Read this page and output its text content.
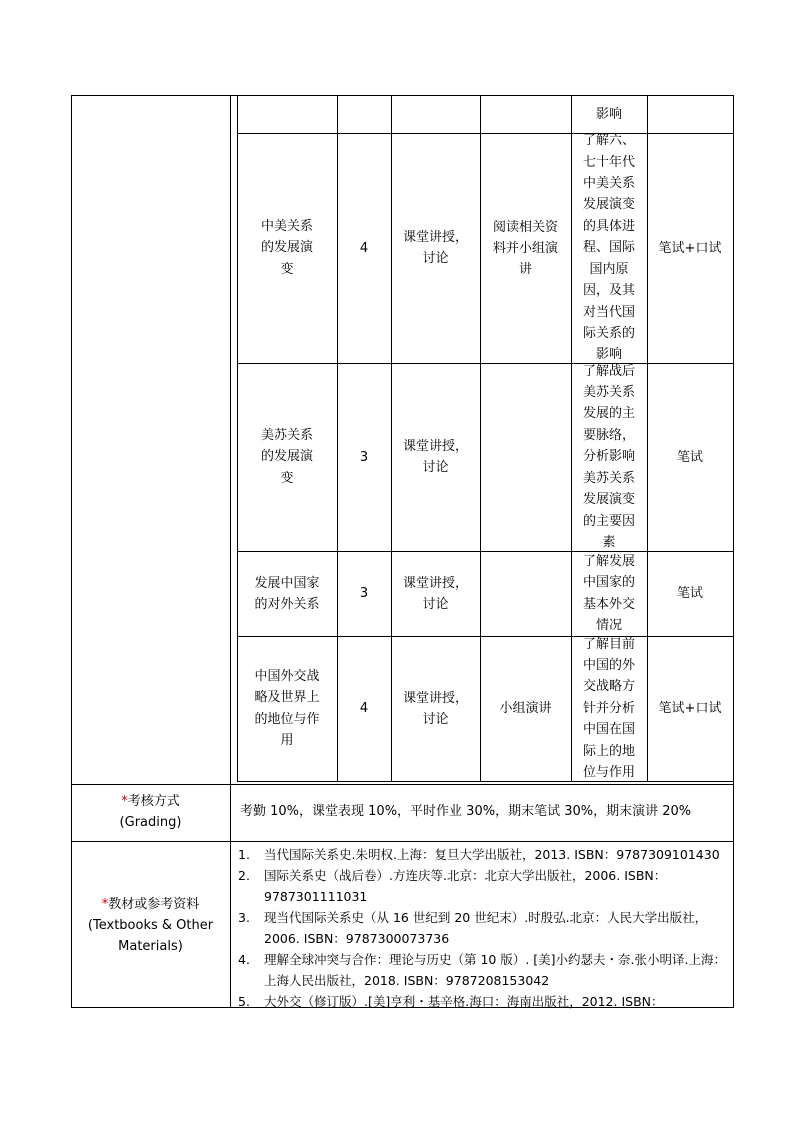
影响
中美关系的发展演变
4
课堂讲授，讨论
阅读相关资料并小组演讲
了解六、七十年代中美关系发展演变的具体进程、国际国内原因，及其对当代国际关系的影响
笔试+口试
美苏关系的发展演变
3
课堂讲授，讨论
了解战后美苏关系发展的主要脉络，分析影响美苏关系发展演变的主要因素
笔试
发展中国家的对外关系
3
课堂讲授，讨论
了解发展中国家的基本外交情况
笔试
中国外交战略及世界上的地位与作用
4
课堂讲授，讨论
小组演讲
了解目前中国的外交战略方针并分析中国在国际上的地位与作用
笔试+口试
*考核方式
(Grading)
考勤 10%，课堂表现 10%，平时作业 30%，期末笔试 30%，期末演讲 20%
*教材或参考资料
(Textbooks & Other
Materials)
1. 当代国际关系史.朱明权.上海：复旦大学出版社，2013. ISBN：9787309101430
2. 国际关系史（战后卷）.方连庆等.北京：北京大学出版社，2006. ISBN：9787301111031
3. 现当代国际关系史（从 16 世纪到 20 世纪末）.时殷弘.北京：人民大学出版社，2006. ISBN：9787300073736
4. 理解全球冲突与合作：理论与历史（第 10 版）. [美]小约瑟夫・奈.张小明译.上海：上海人民出版社，2018. ISBN：9787208153042
5. 大外交（修订版）.[美]亨利・基辛格.海口：海南出版社，2012. ISBN：
